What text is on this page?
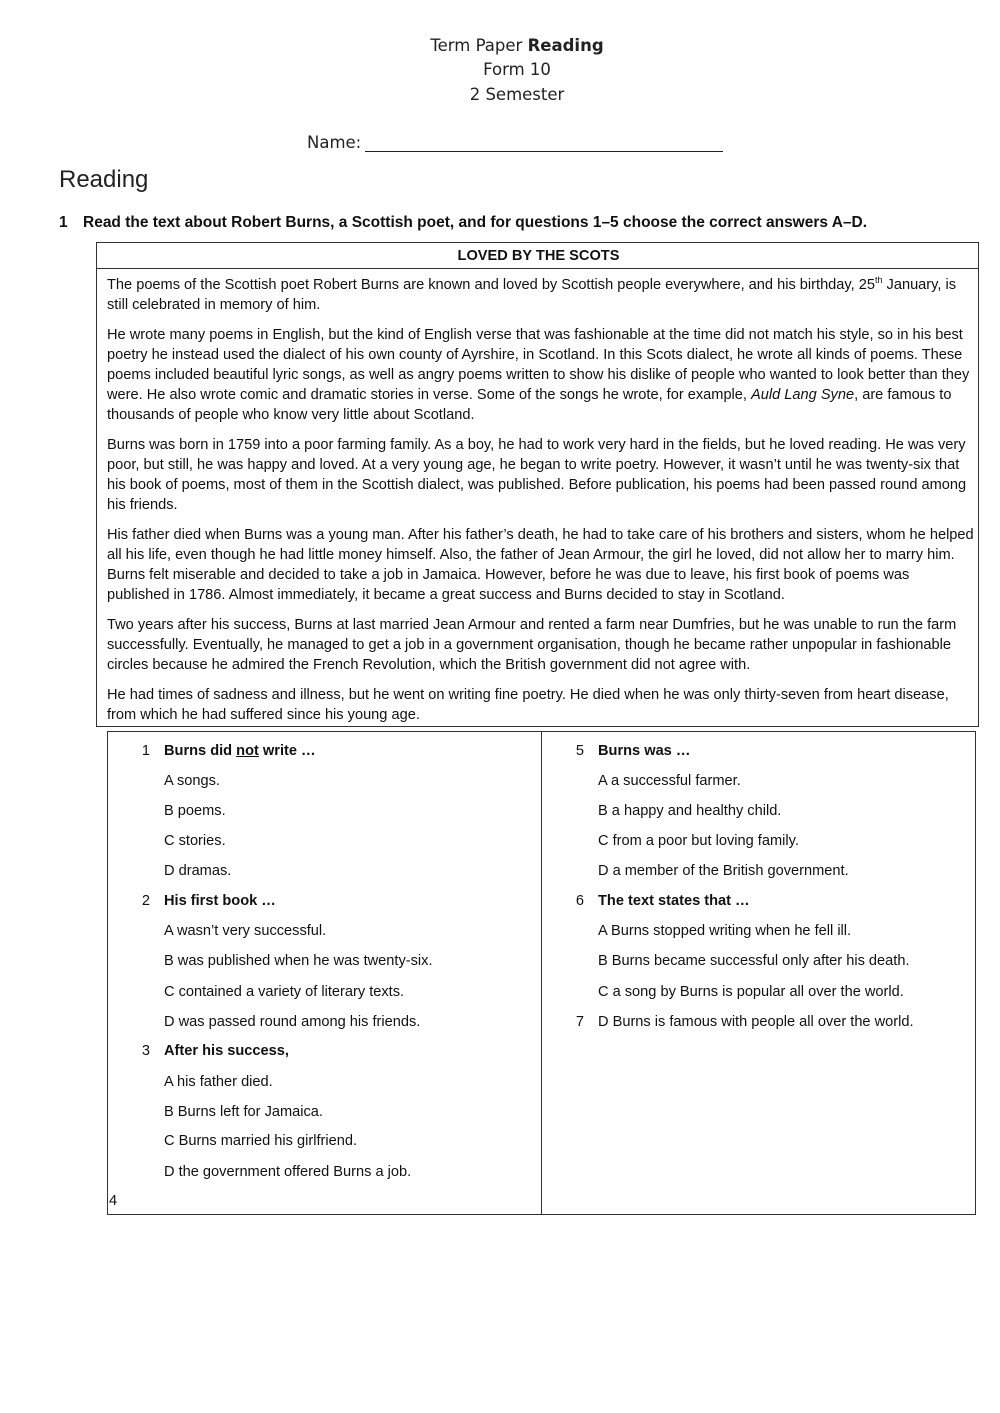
Term Paper Reading
Form 10
2 Semester
Name:
Reading
1 Read the text about Robert Burns, a Scottish poet, and for questions 1–5 choose the correct answers A–D.
LOVED BY THE SCOTS

The poems of the Scottish poet Robert Burns are known and loved by Scottish people everywhere, and his birthday, 25th January, is still celebrated in memory of him.

He wrote many poems in English, but the kind of English verse that was fashionable at the time did not match his style, so in his best poetry he instead used the dialect of his own county of Ayrshire, in Scotland. In this Scots dialect, he wrote all kinds of poems. These poems included beautiful lyric songs, as well as angry poems written to show his dislike of people who wanted to look better than they were. He also wrote comic and dramatic stories in verse. Some of the songs he wrote, for example, Auld Lang Syne, are famous to thousands of people who know very little about Scotland.

Burns was born in 1759 into a poor farming family. As a boy, he had to work very hard in the fields, but he loved reading. He was very poor, but still, he was happy and loved. At a very young age, he began to write poetry. However, it wasn’t until he was twenty-six that his book of poems, most of them in the Scottish dialect, was published. Before publication, his poems had been passed round among his friends.

His father died when Burns was a young man. After his father’s death, he had to take care of his brothers and sisters, whom he helped all his life, even though he had little money himself. Also, the father of Jean Armour, the girl he loved, did not allow her to marry him. Burns felt miserable and decided to take a job in Jamaica. However, before he was due to leave, his first book of poems was published in 1786. Almost immediately, it became a great success and Burns decided to stay in Scotland.

Two years after his success, Burns at last married Jean Armour and rented a farm near Dumfries, but he was unable to run the farm successfully. Eventually, he managed to get a job in a government organisation, though he became rather unpopular in fashionable circles because he admired the French Revolution, which the British government did not agree with.

He had times of sadness and illness, but he went on writing fine poetry. He died when he was only thirty-seven from heart disease, from which he had suffered since his young age.

1 Burns did not write …
A songs.
B poems.
C stories.
D dramas.
2 His first book …
A wasn’t very successful.
B was published when he was twenty-six.
C contained a variety of literary texts.
D was passed round among his friends.
3 After his success,
A his father died.
B Burns left for Jamaica.
C Burns married his girlfriend.
D the government offered Burns a job.
4
5 Burns was …
A a successful farmer.
B a happy and healthy child.
C from a poor but loving family.
D a member of the British government.
6 The text states that …
A Burns stopped writing when he fell ill.
B Burns became successful only after his death.
C a song by Burns is popular all over the world.
7 D Burns is famous with people all over the world.
